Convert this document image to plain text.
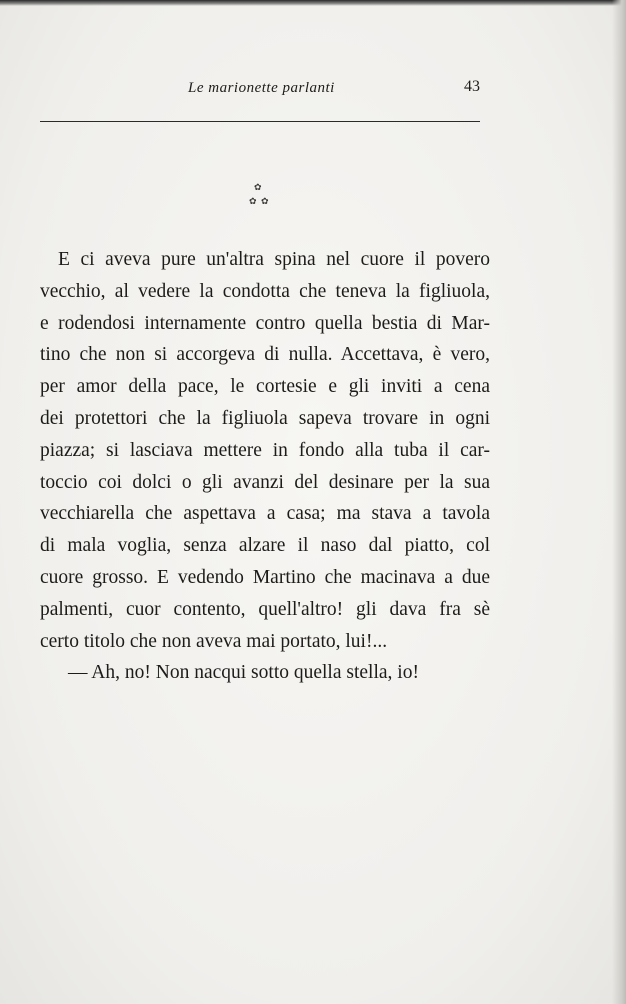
Le marionette parlanti	43
✿
✿ ✿
E ci aveva pure un'altra spina nel cuore il povero
vecchio, al vedere la condotta che teneva la figliuola,
e rodendosi internamente contro quella bestia di Mar-
tino che non si accorgeva di nulla. Accettava, è vero,
per amor della pace, le cortesie e gli inviti a cena
dei protettori che la figliuola sapeva trovare in ogni
piazza; si lasciava mettere in fondo alla tuba il car-
toccio coi dolci o gli avanzi del desinare per la sua
vecchiarella che aspettava a casa; ma stava a tavola
di mala voglia, senza alzare il naso dal piatto, col
cuore grosso. E vedendo Martino che macinava a due
palmenti, cuor contento, quell'altro! gli dava fra sè
certo titolo che non aveva mai portato, lui!...
— Ah, no! Non nacqui sotto quella stella, io!
